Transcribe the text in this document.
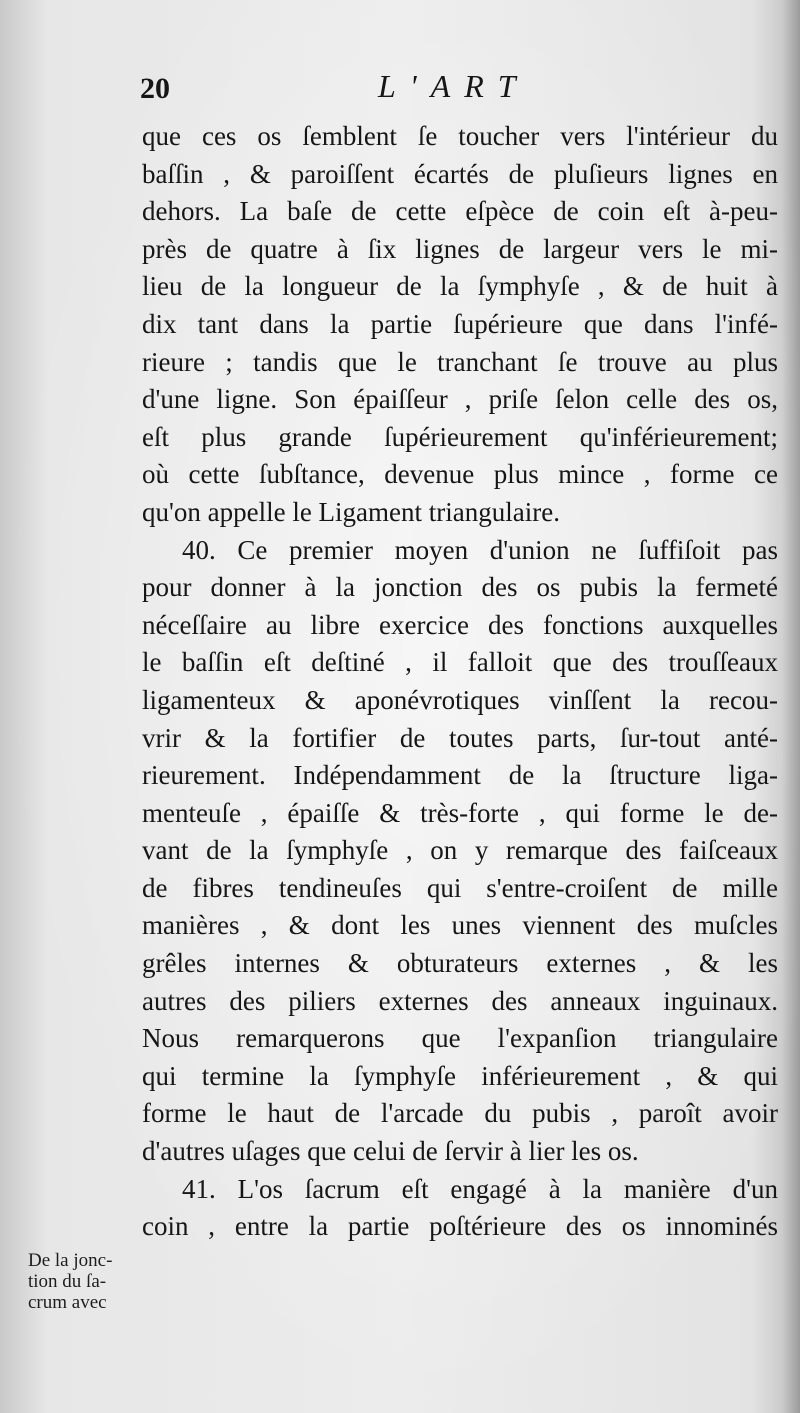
20	L'ART
que ces os ſemblent ſe toucher vers l'intérieur du
baſſin , & paroiſſent écartés de pluſieurs lignes en
dehors. La baſe de cette eſpèce de coin eſt à-peu-
près de quatre à ſix lignes de largeur vers le mi-
lieu de la longueur de la ſymphyſe , & de huit à
dix tant dans la partie ſupérieure que dans l'infé-
rieure ; tandis que le tranchant ſe trouve au plus
d'une ligne. Son épaiſſeur , priſe ſelon celle des os,
eſt plus grande ſupérieurement qu'inférieurement;
où cette ſubſtance, devenue plus mince , forme ce
qu'on appelle le Ligament triangulaire.
40. Ce premier moyen d'union ne ſuffiſoit pas
pour donner à la jonction des os pubis la fermeté
néceſſaire au libre exercice des fonctions auxquelles
le baſſin eſt deſtiné , il falloit que des trouſſeaux
ligamenteux & aponévrotiques vinſſent la recou-
vrir & la fortifier de toutes parts, ſur-tout anté-
rieurement. Indépendamment de la ſtructure liga-
menteuſe , épaiſſe & très-forte , qui forme le de-
vant de la ſymphyſe , on y remarque des faiſceaux
de fibres tendineuſes qui s'entre-croiſent de mille
manières , & dont les unes viennent des muſcles
grêles internes & obturateurs externes , & les
autres des piliers externes des anneaux inguinaux.
Nous remarquerons que l'expanſion triangulaire
qui termine la ſymphyſe inférieurement , & qui
forme le haut de l'arcade du pubis , paroît avoir
d'autres uſages que celui de ſervir à lier les os.
41. L'os ſacrum eſt engagé à la manière d'un
coin , entre la partie poſtérieure des os innominés
De la jonc-
tion du ſa-
crum avec
